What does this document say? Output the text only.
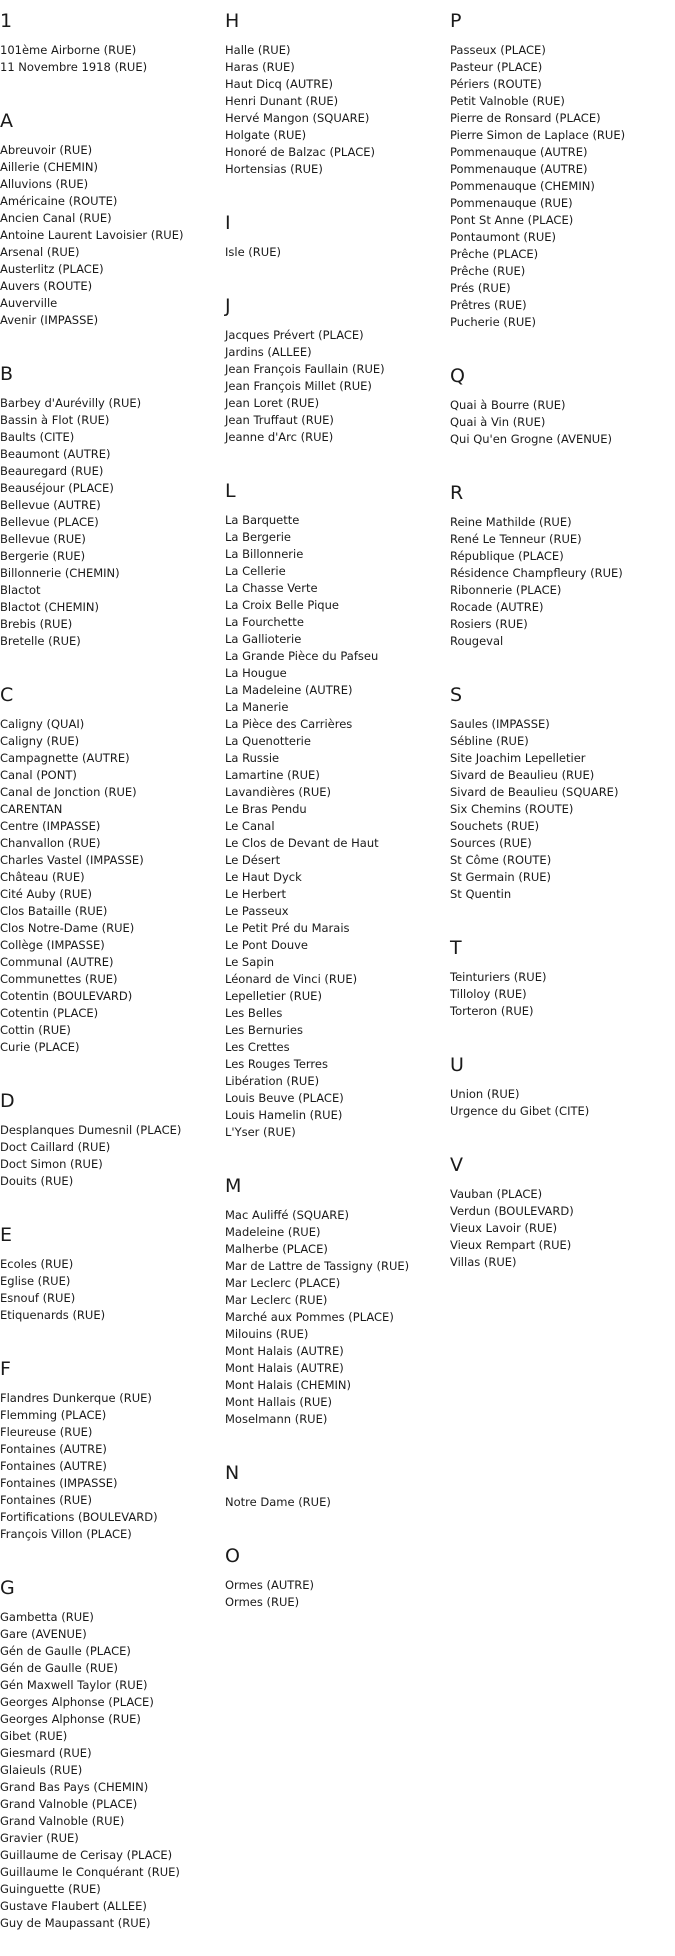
1
101ème Airborne (RUE)
11 Novembre 1918 (RUE)
A
Abreuvoir (RUE)
Aillerie (CHEMIN)
Alluvions (RUE)
Américaine (ROUTE)
Ancien Canal (RUE)
Antoine Laurent Lavoisier (RUE)
Arsenal (RUE)
Austerlitz (PLACE)
Auvers (ROUTE)
Auverville
Avenir (IMPASSE)
B
Barbey d'Aurévilly (RUE)
Bassin à Flot (RUE)
Baults (CITE)
Beaumont (AUTRE)
Beauregard (RUE)
Beauséjour (PLACE)
Bellevue (AUTRE)
Bellevue (PLACE)
Bellevue (RUE)
Bergerie (RUE)
Billonnerie (CHEMIN)
Blactot
Blactot (CHEMIN)
Brebis (RUE)
Bretelle (RUE)
C
Caligny (QUAI)
Caligny (RUE)
Campagnette (AUTRE)
Canal (PONT)
Canal de Jonction (RUE)
CARENTAN
Centre (IMPASSE)
Chanvallon (RUE)
Charles Vastel (IMPASSE)
Château (RUE)
Cité Auby (RUE)
Clos Bataille (RUE)
Clos Notre-Dame (RUE)
Collège (IMPASSE)
Communal (AUTRE)
Communettes (RUE)
Cotentin (BOULEVARD)
Cotentin (PLACE)
Cottin (RUE)
Curie (PLACE)
D
Desplanques Dumesnil (PLACE)
Doct Caillard (RUE)
Doct Simon (RUE)
Douits (RUE)
E
Ecoles (RUE)
Eglise (RUE)
Esnouf (RUE)
Etiquenards (RUE)
F
Flandres Dunkerque (RUE)
Flemming (PLACE)
Fleureuse (RUE)
Fontaines (AUTRE)
Fontaines (AUTRE)
Fontaines (IMPASSE)
Fontaines (RUE)
Fortifications (BOULEVARD)
François Villon (PLACE)
G
Gambetta (RUE)
Gare (AVENUE)
Gén de Gaulle (PLACE)
Gén de Gaulle (RUE)
Gén Maxwell Taylor (RUE)
Georges Alphonse (PLACE)
Georges Alphonse (RUE)
Gibet (RUE)
Giesmard (RUE)
Glaieuls (RUE)
Grand Bas Pays (CHEMIN)
Grand Valnoble (PLACE)
Grand Valnoble (RUE)
Gravier (RUE)
Guillaume de Cerisay (PLACE)
Guillaume le Conquérant (RUE)
Guinguette (RUE)
Gustave Flaubert (ALLEE)
Guy de Maupassant (RUE)
H
Halle (RUE)
Haras (RUE)
Haut Dicq (AUTRE)
Henri Dunant (RUE)
Hervé Mangon (SQUARE)
Holgate (RUE)
Honoré de Balzac (PLACE)
Hortensias (RUE)
I
Isle (RUE)
J
Jacques Prévert (PLACE)
Jardins (ALLEE)
Jean François Faullain (RUE)
Jean François Millet (RUE)
Jean Loret (RUE)
Jean Truffaut (RUE)
Jeanne d'Arc (RUE)
L
La Barquette
La Bergerie
La Billonnerie
La Cellerie
La Chasse Verte
La Croix Belle Pique
La Fourchette
La Gallioterie
La Grande Pièce du Pafseu
La Hougue
La Madeleine (AUTRE)
La Manerie
La Pièce des Carrières
La Quenotterie
La Russie
Lamartine (RUE)
Lavandières (RUE)
Le Bras Pendu
Le Canal
Le Clos de Devant de Haut
Le Désert
Le Haut Dyck
Le Herbert
Le Passeux
Le Petit Pré du Marais
Le Pont Douve
Le Sapin
Léonard de Vinci (RUE)
Lepelletier (RUE)
Les Belles
Les Bernuries
Les Crettes
Les Rouges Terres
Libération (RUE)
Louis Beuve (PLACE)
Louis Hamelin (RUE)
L'Yser (RUE)
M
Mac Auliffé (SQUARE)
Madeleine (RUE)
Malherbe (PLACE)
Mar de Lattre de Tassigny (RUE)
Mar Leclerc (PLACE)
Mar Leclerc (RUE)
Marché aux Pommes (PLACE)
Milouins (RUE)
Mont Halais (AUTRE)
Mont Halais (AUTRE)
Mont Halais (CHEMIN)
Mont Hallais (RUE)
Moselmann (RUE)
N
Notre Dame (RUE)
O
Ormes (AUTRE)
Ormes (RUE)
P
Passeux (PLACE)
Pasteur (PLACE)
Périers (ROUTE)
Petit Valnoble (RUE)
Pierre de Ronsard (PLACE)
Pierre Simon de Laplace (RUE)
Pommenauque (AUTRE)
Pommenauque (AUTRE)
Pommenauque (CHEMIN)
Pommenauque (RUE)
Pont St Anne (PLACE)
Pontaumont (RUE)
Prêche (PLACE)
Prêche (RUE)
Prés (RUE)
Prêtres (RUE)
Pucherie (RUE)
Q
Quai à Bourre (RUE)
Quai à Vin (RUE)
Qui Qu'en Grogne (AVENUE)
R
Reine Mathilde (RUE)
René Le Tenneur (RUE)
République (PLACE)
Résidence Champfleury (RUE)
Ribonnerie (PLACE)
Rocade (AUTRE)
Rosiers (RUE)
Rougeval
S
Saules (IMPASSE)
Sébline (RUE)
Site Joachim Lepelletier
Sivard de Beaulieu (RUE)
Sivard de Beaulieu (SQUARE)
Six Chemins (ROUTE)
Souchets (RUE)
Sources (RUE)
St Côme (ROUTE)
St Germain (RUE)
St Quentin
T
Teinturiers (RUE)
Tilloloy (RUE)
Torteron (RUE)
U
Union (RUE)
Urgence du Gibet (CITE)
V
Vauban (PLACE)
Verdun (BOULEVARD)
Vieux Lavoir (RUE)
Vieux Rempart (RUE)
Villas (RUE)
